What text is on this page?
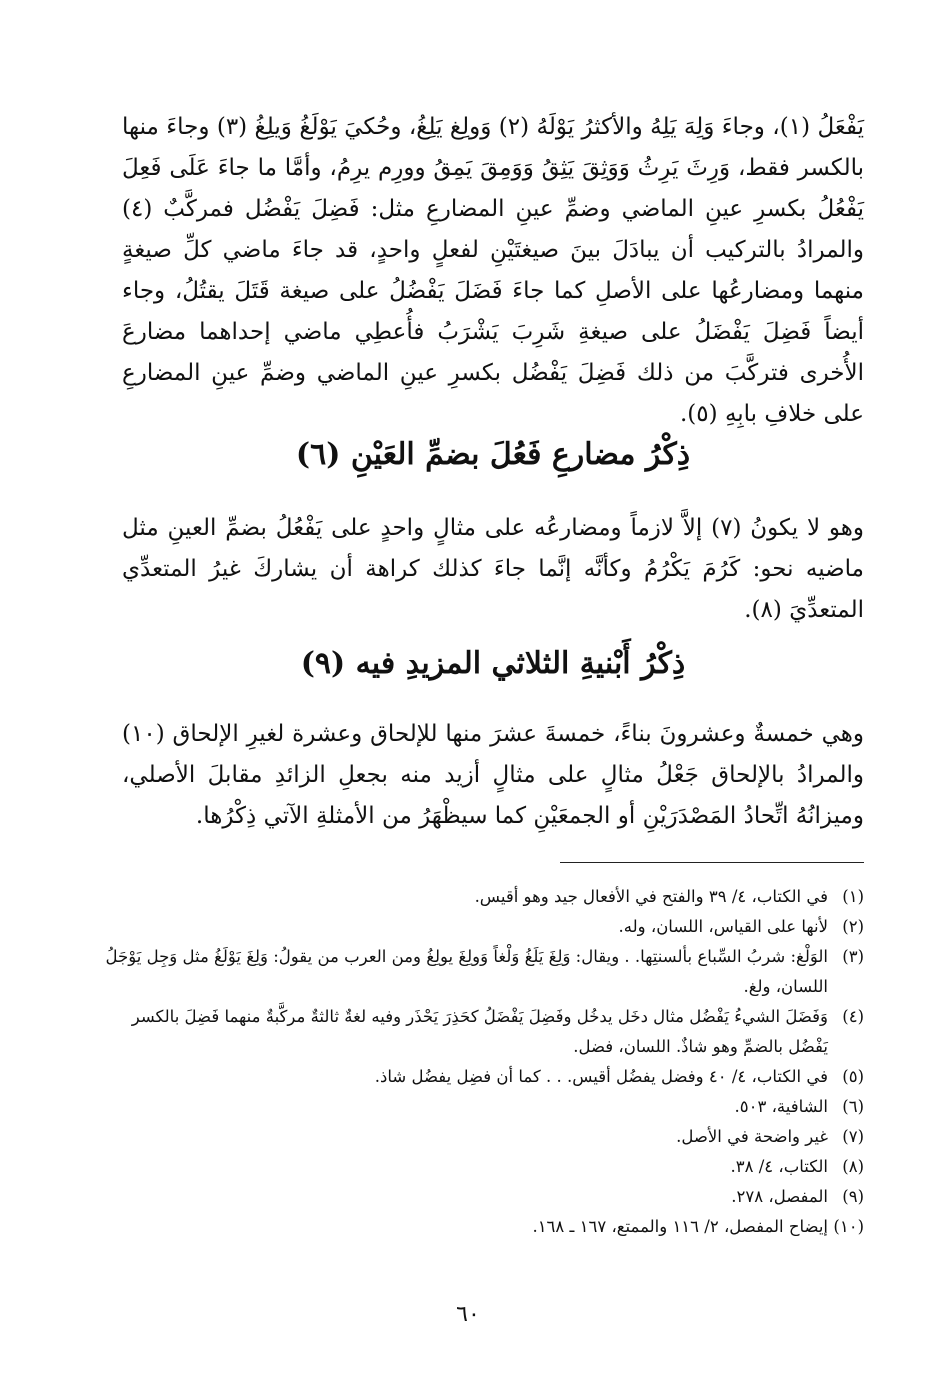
يَفْعَلُ (١)، وجاءَ وَلِهَ يَلِهُ والأكثرُ يَوْلَهُ (٢) وَولِغ يَلِغُ، وحُكيَ يَوْلَغُ وَيلِغُ (٣) وجاءَ منها بالكسر فقط، وَرِثَ يَرِثُ وَوَثِقَ يَثِقُ وَوَمِقَ يَمِقُ وورِم يرِمُ، وأمَّا ما جاءَ عَلَى فَعِلَ يَفْعُلُ بكسرِ عينِ الماضي وضمِّ عينِ المضارعِ مثل: فَضِلَ يَفْضُل فمركَّبٌ (٤) والمرادُ بالتركيب أن يبادَلَ بينَ صيغتَيْنِ لفعلٍ واحدٍ، قد جاءَ ماضي كلِّ صيغةٍ منهما ومضارعُها على الأصلِ كما جاءَ فَضَلَ يَفْضُلُ على صيغة قَتَلَ يقتُلُ، وجاء أيضاً فَضِلَ يَفْضَلُ على صيغةِ شَرِبَ يَشْرَبُ فأُعطِي ماضي إحداهما مضارعَ الأُخرى فتركَّبَ من ذلك فَضِلَ يَفْضُل بكسرِ عينِ الماضي وضمِّ عينِ المضارعِ على خلافِ بابِهِ (٥).
ذِكْرُ مضارعِ فَعُلَ بضمِّ العَيْنِ (٦)
وهو لا يكونُ (٧) إلاَّ لازماً ومضارعُه على مثالٍ واحدٍ على يَفْعُلُ بضمِّ العينِ مثل ماضيه نحو: كَرُمَ يَكْرُمُ وكأنَّه إنَّما جاءَ كذلك كراهة أن يشاركَ غيرُ المتعدِّي المتعدِّيَ (٨).
ذِكْرُ أَبْنيةِ الثلاثي المزيدِ فيه (٩)
وهي خمسةٌ وعشرونَ بناءً، خمسةَ عشرَ منها للإلحاق وعشرة لغيرِ الإلحاق (١٠) والمرادُ بالإلحاق جَعْلُ مثالٍ على مثالٍ أزيد منه بجعلِ الزائدِ مقابلَ الأصلي، وميزانُهُ اتِّحادُ المَصْدَرَيْنِ أو الجمعَيْنِ كما سيظْهَرُ من الأمثلةِ الآتي ذِكْرُها.
(١)
في الكتاب، ٤/ ٣٩ والفتح في الأفعال جيد وهو أقيس.
(٢)
لأنها على القياس، اللسان، وله.
(٣)
الوَلْغ: شربُ السِّباع بألسنتِها. . ويقال: وَلِغَ يَلَغُ وَلْغاً وَولِغَ يولِغُ ومن العرب من يقولُ: وَلِغَ يَوْلَغُ مثل وَجِل يَوْجَلُ اللسان، ولغ.
(٤)
وَفَضَلَ الشيءُ يَفْضُل مثال دخَل يدخُل وفَضِلَ يَفْضَلُ كحَذِرَ يَحْذَر وفيه لغةٌ ثالثةٌ مركَّبةٌ منهما فَضِلَ بالكسر يَفْضُل بالضمِّ وهو شاذٌ. اللسان، فضل.
(٥)
في الكتاب، ٤/ ٤٠ وفضل يفضُل أقيس. . . كما أن فضِل يفضُل شاذ.
(٦)
الشافية، ٥٠٣.
(٧)
غير واضحة في الأصل.
(٨)
الكتاب، ٤/ ٣٨.
(٩)
المفصل، ٢٧٨.
(١٠)
إيضاح المفصل، ٢/ ١١٦ والممتع، ١٦٧ ـ ١٦٨.
٦٠
